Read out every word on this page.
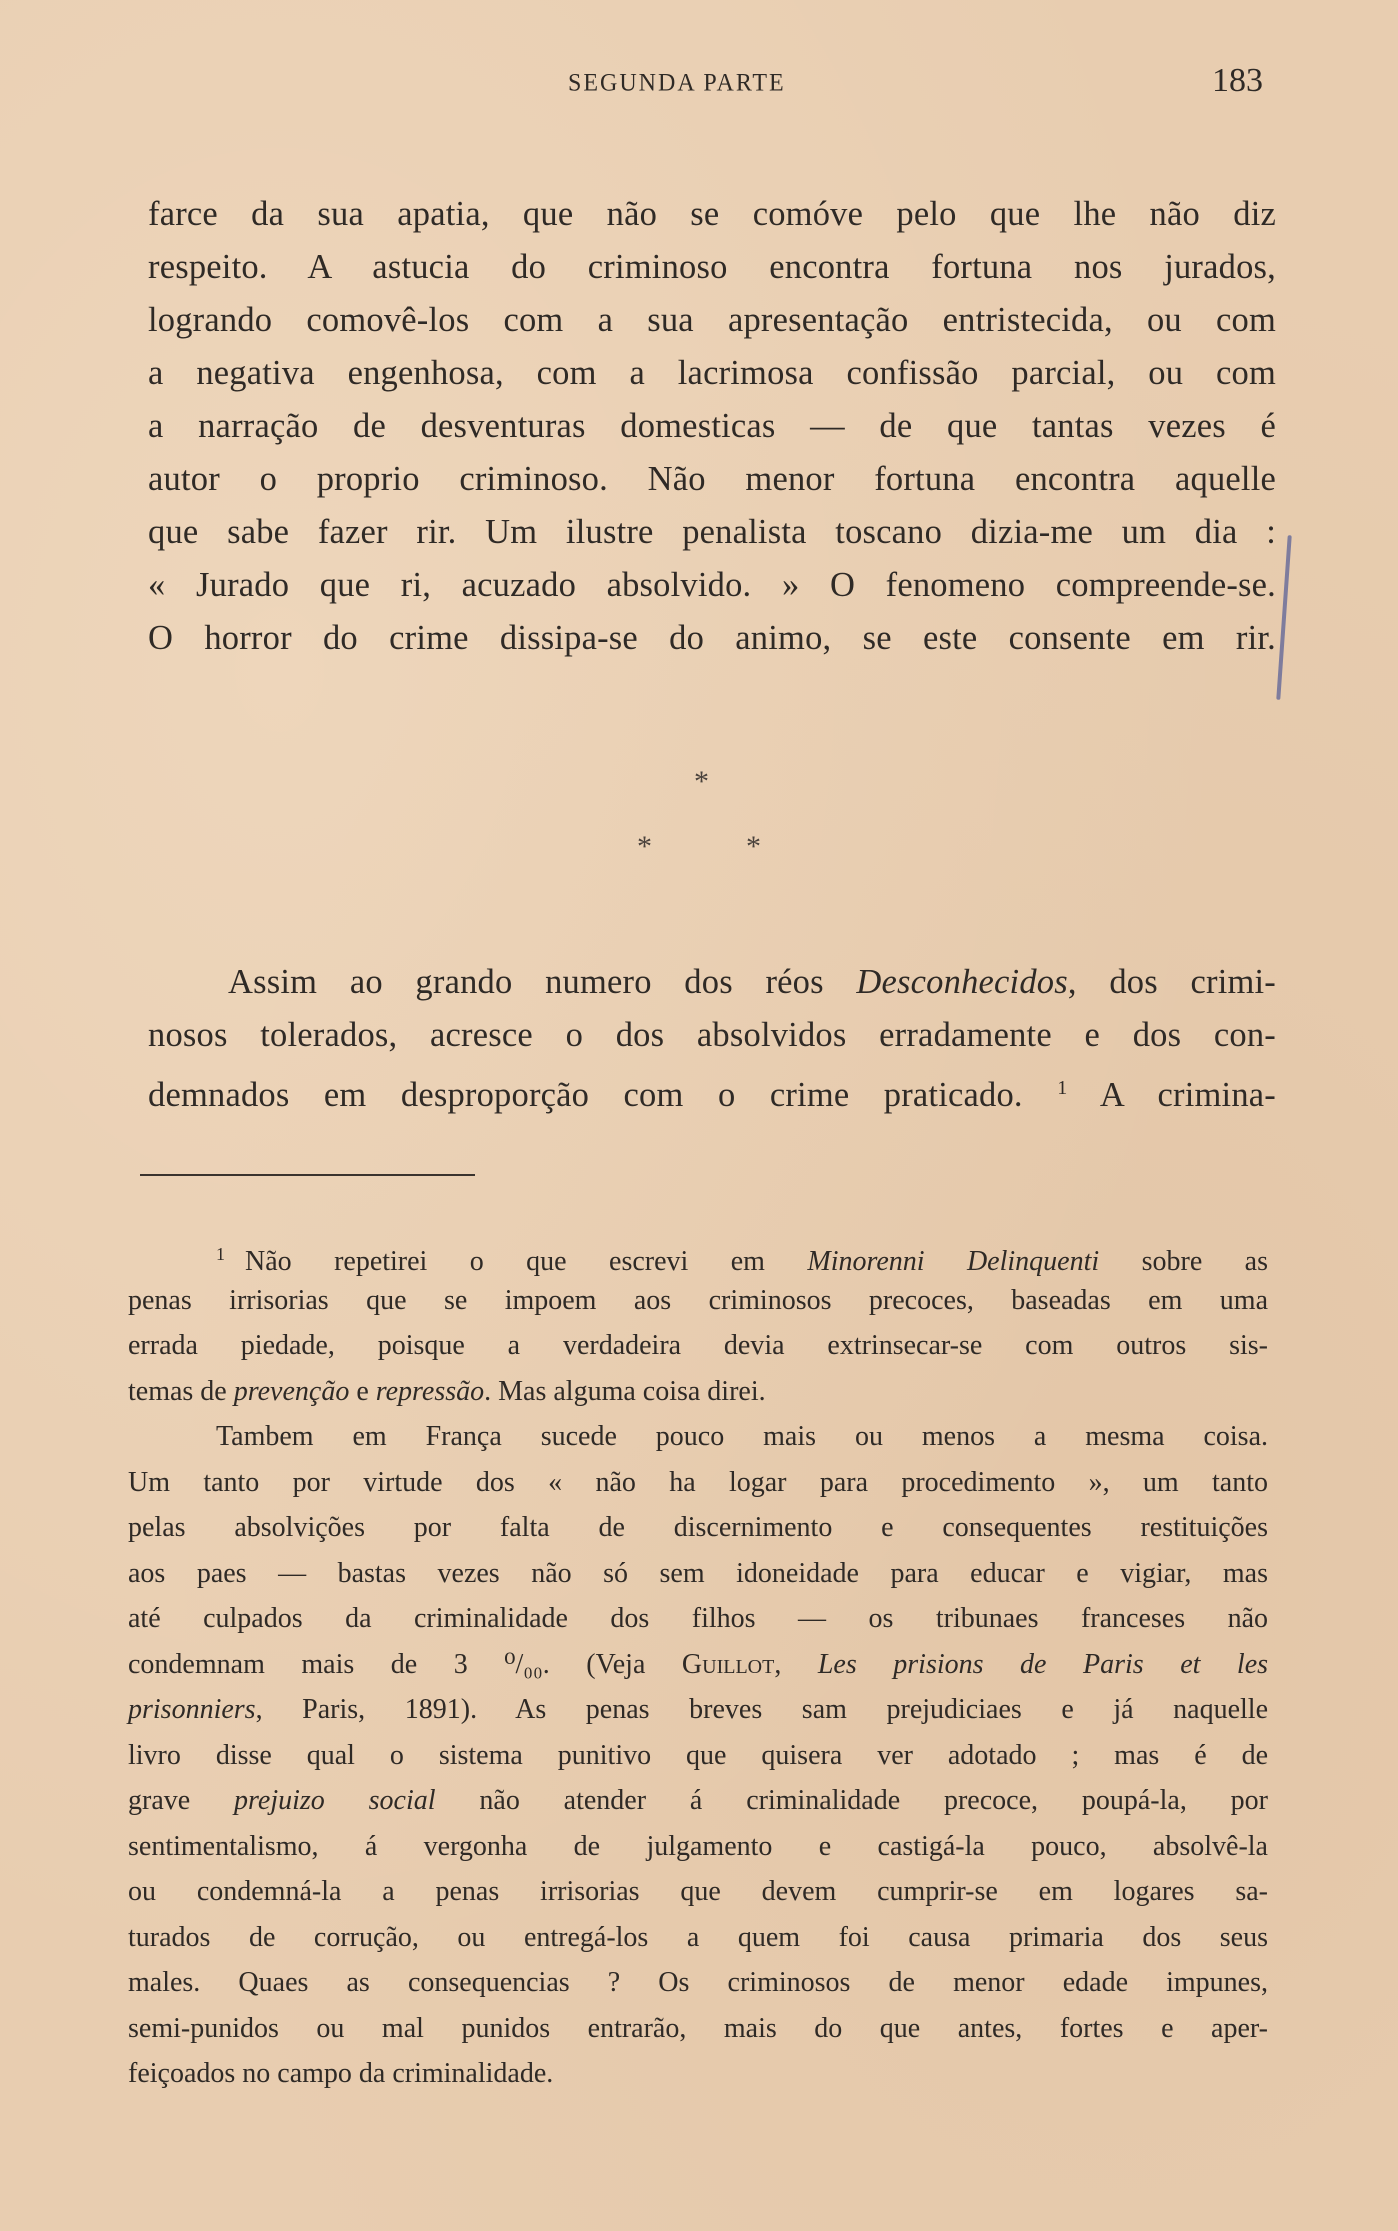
SEGUNDA PARTE	183
farce da sua apatia, que não se comóve pelo que lhe não diz
respeito. A astucia do criminoso encontra fortuna nos jurados,
logrando comovê-los com a sua apresentação entristecida, ou com
a negativa engenhosa, com a lacrimosa confissão parcial, ou com
a narração de desventuras domesticas — de que tantas vezes é
autor o proprio criminoso. Não menor fortuna encontra aquelle
que sabe fazer rir. Um ilustre penalista toscano dizia-me um dia :
« Jurado que ri, acuzado absolvido. » O fenomeno compreende-se.
O horror do crime dissipa-se do animo, se este consente em rir.
*
*	*
Assim ao grando numero dos réos Desconhecidos, dos crimi-
nosos tolerados, acresce o dos absolvidos erradamente e dos con-
demnados em desproporção com o crime praticado. $^1$ A crimina-
$^1$ Não repetirei o que escrevi em Minorenni Delinquenti sobre as
penas irrisorias que se impoem aos criminosos precoces, baseadas em uma
errada piedade, poisque a verdadeira devia extrinsecar-se com outros sis-
temas de prevenção e repressão. Mas alguma coisa direi.
Tambem em França sucede pouco mais ou menos a mesma coisa.
Um tanto por virtude dos « não ha logar para procedimento », um tanto
pelas absolvições por falta de discernimento e consequentes restituições
aos paes — bastas vezes não só sem idoneidade para educar e vigiar, mas
até culpados da criminalidade dos filhos — os tribunaes franceses não
condemnam mais de 3 ⁰/₀₀. (Veja Guillot, Les prisions de Paris et les
prisonniers, Paris, 1891). As penas breves sam prejudiciaes e já naquelle
livro disse qual o sistema punitivo que quisera ver adotado ; mas é de
grave prejuizo social não atender á criminalidade precoce, poupá-la, por
sentimentalismo, á vergonha de julgamento e castigá-la pouco, absolvê-la
ou condemná-la a penas irrisorias que devem cumprir-se em logares sa-
turados de corrução, ou entregá-los a quem foi causa primaria dos seus
males. Quaes as consequencias ? Os criminosos de menor edade impunes,
semi-punidos ou mal punidos entrarão, mais do que antes, fortes e aper-
feiçoados no campo da criminalidade.
